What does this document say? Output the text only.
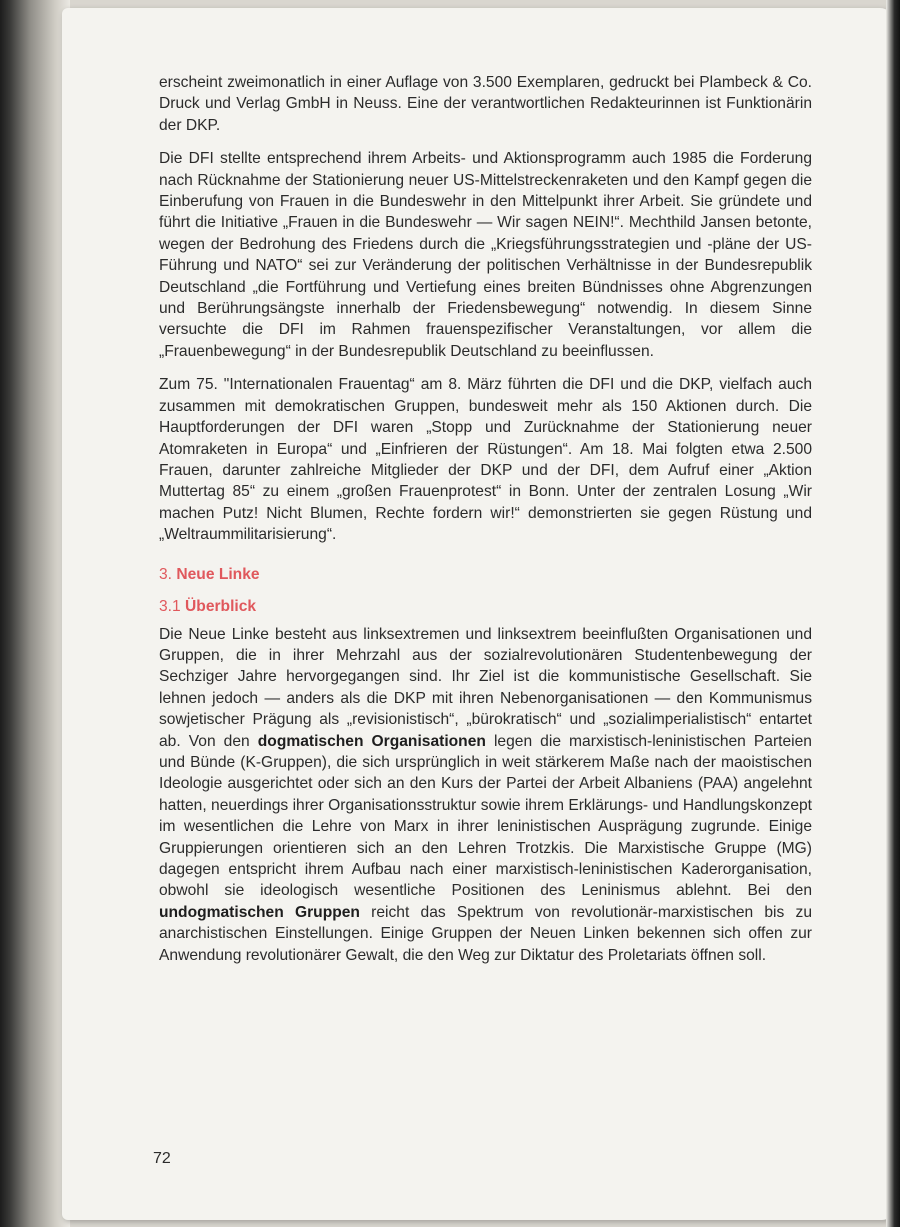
erscheint zweimonatlich in einer Auflage von 3.500 Exemplaren, gedruckt bei Plambeck & Co. Druck und Verlag GmbH in Neuss. Eine der verantwortlichen Redakteurinnen ist Funktionärin der DKP.

Die DFI stellte entsprechend ihrem Arbeits- und Aktionsprogramm auch 1985 die Forderung nach Rücknahme der Stationierung neuer US-Mittelstreckenraketen und den Kampf gegen die Einberufung von Frauen in die Bundeswehr in den Mittelpunkt ihrer Arbeit. Sie gründete und führt die Initiative „Frauen in die Bundeswehr — Wir sagen NEIN!“. Mechthild Jansen betonte, wegen der Bedrohung des Friedens durch die „Kriegsführungsstrategien und -pläne der US-Führung und NATO“ sei zur Veränderung der politischen Verhältnisse in der Bundesrepublik Deutschland „die Fortführung und Vertiefung eines breiten Bündnisses ohne Abgrenzungen und Berührungsängste innerhalb der Friedensbewegung“ notwendig. In diesem Sinne versuchte die DFI im Rahmen frauenspezifischer Veranstaltungen, vor allem die „Frauenbewegung“ in der Bundesrepublik Deutschland zu beeinflussen.

Zum 75. "Internationalen Frauentag“ am 8. März führten die DFI und die DKP, vielfach auch zusammen mit demokratischen Gruppen, bundesweit mehr als 150 Aktionen durch. Die Hauptforderungen der DFI waren „Stopp und Zurücknahme der Stationierung neuer Atomraketen in Europa“ und „Einfrieren der Rüstungen“. Am 18. Mai folgten etwa 2.500 Frauen, darunter zahlreiche Mitglieder der DKP und der DFI, dem Aufruf einer „Aktion Muttertag 85“ zu einem „großen Frauenprotest“ in Bonn. Unter der zentralen Losung „Wir machen Putz! Nicht Blumen, Rechte fordern wir!“ demonstrierten sie gegen Rüstung und „Weltraummilitarisierung“.

3. Neue Linke
3.1 Überblick

Die Neue Linke besteht aus linksextremen und linksextrem beeinflußten Organisationen und Gruppen, die in ihrer Mehrzahl aus der sozialrevolutionären Studentenbewegung der Sechziger Jahre hervorgegangen sind. Ihr Ziel ist die kommunistische Gesellschaft. Sie lehnen jedoch — anders als die DKP mit ihren Nebenorganisationen — den Kommunismus sowjetischer Prägung als „revisionistisch“, „bürokratisch“ und „sozialimperialistisch“ entartet ab. Von den dogmatischen Organisationen legen die marxistisch-leninistischen Parteien und Bünde (K-Gruppen), die sich ursprünglich in weit stärkerem Maße nach der maoistischen Ideologie ausgerichtet oder sich an den Kurs der Partei der Arbeit Albaniens (PAA) angelehnt hatten, neuerdings ihrer Organisationsstruktur sowie ihrem Erklärungs- und Handlungskonzept im wesentlichen die Lehre von Marx in ihrer leninistischen Ausprägung zugrunde. Einige Gruppierungen orientieren sich an den Lehren Trotzkis. Die Marxistische Gruppe (MG) dagegen entspricht ihrem Aufbau nach einer marxistisch-leninistischen Kaderorganisation, obwohl sie ideologisch wesentliche Positionen des Leninismus ablehnt. Bei den undogmatischen Gruppen reicht das Spektrum von revolutionär-marxistischen bis zu anarchistischen Einstellungen. Einige Gruppen der Neuen Linken bekennen sich offen zur Anwendung revolutionärer Gewalt, die den Weg zur Diktatur des Proletariats öffnen soll.

72
